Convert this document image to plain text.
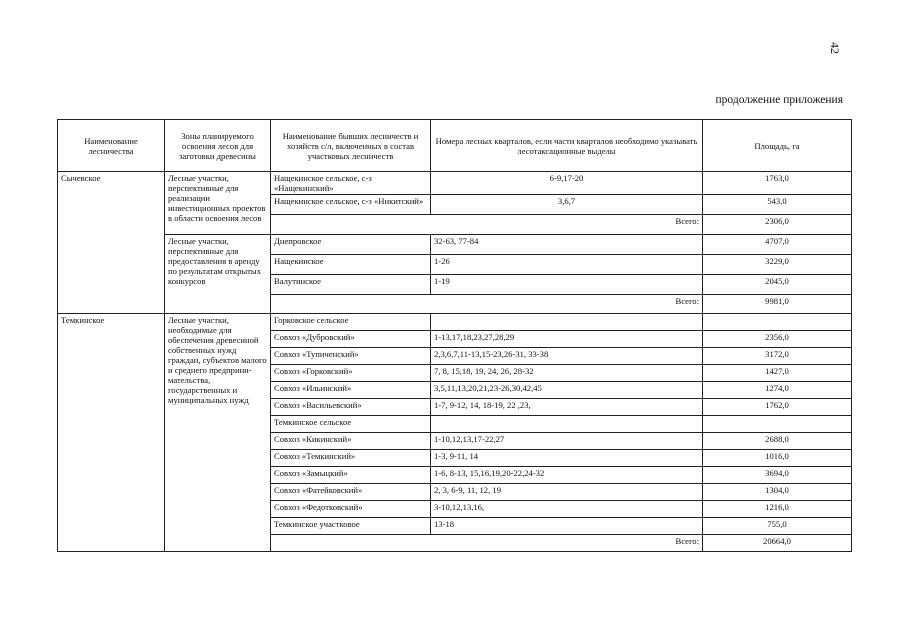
42
продолжение приложения
Наименование лесничества	Зоны планируемого освоения лесов для заготовки древесины	Наименование бывших лесничеств и хозяйств с/л, включенных в состав участковых лесничеств	Номера лесных кварталов, если части кварталов необходимо указывать лесотаксационные выделы	Площадь, га
Сычевское	Лесные участки, перспективные для реализации инвестиционных проектов в области освоения лесов	Нащекинское сельское, с-з «Нащекинский»	6-9,17-20	1763,0
		Нащекинское сельское, с-з «Никитский»	3,6,7	543,0
		Всего:		2306,0
	Лесные участки, перспективные для предоставления в аренду по результатам открытых конкурсов	Днепровское	32-63, 77-84	4707,0
		Нащекинское	1-26	3229,0
		Валутинское	1-19	2045,0
		Всего:		9981,0
Темкинское	Лесные участки, необходимые для обеспечения древесиной собственных нужд граждан, субъектов малого и среднего предприни-мательства, государственных и муниципальных нужд	Горковское сельское		
		Совхоз «Дубровский»	1-13,17,18,23,27,28,29	2356,0
		Совхоз «Тупиченский»	2,3,6,7,11-13,15-23,26-31, 33-38	3172,0
		Совхоз «Горковский»	7, 8, 15,18, 19, 24, 26, 28-32	1427,0
		Совхоз «Ильинский»	3,5,11,13,20,21,23-26,30,42,45	1274,0
		Совхоз «Васильевский»	1-7, 9-12, 14, 18-19, 22 ,23,	1762,0
		Темкинское сельское		
		Совхоз «Кикинский»	1-10,12,13,17-22,27	2688,0
		Совхоз «Темкинский»	1-3, 9-11, 14	1016,0
		Совхоз «Замыцкий»	1-6, 8-13, 15,16,19,20-22,24-32	3694,0
		Совхоз «Фатейковский»	2, 3, 6-9, 11, 12, 19	1304,0
		Совхоз «Федотковский»	3-10,12,13,16,	1216,0
		Темкинское участковое	13-18	755,0
		Всего:		20664,0
